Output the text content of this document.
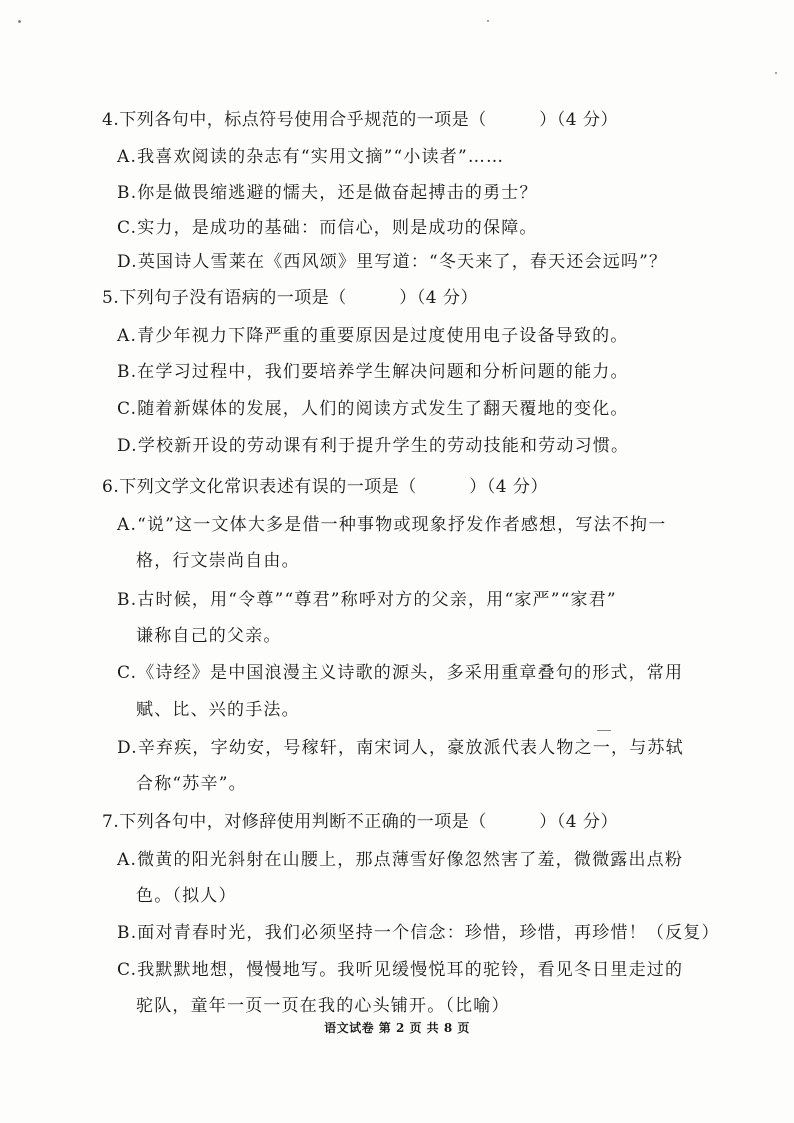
4.下列各句中，标点符号使用合乎规范的一项是（　　　）（4 分）
A.我喜欢阅读的杂志有“实用文摘”“小读者”……
B.你是做畏缩逃避的懦夫，还是做奋起搏击的勇士？
C.实力，是成功的基础：而信心，则是成功的保障。
D.英国诗人雪莱在《西风颂》里写道：“冬天来了，春天还会远吗”？
5.下列句子没有语病的一项是（　　　）（4 分）
A.青少年视力下降严重的重要原因是过度使用电子设备导致的。
B.在学习过程中，我们要培养学生解决问题和分析问题的能力。
C.随着新媒体的发展，人们的阅读方式发生了翻天覆地的变化。
D.学校新开设的劳动课有利于提升学生的劳动技能和劳动习惯。
6.下列文学文化常识表述有误的一项是（　　　）（4 分）
A.“说”这一文体大多是借一种事物或现象抒发作者感想，写法不拘一
格，行文崇尚自由。
B.古时候，用“令尊”“尊君”称呼对方的父亲，用“家严”“家君”
谦称自己的父亲。
C.《诗经》是中国浪漫主义诗歌的源头，多采用重章叠句的形式，常用
赋、比、兴的手法。
D.辛弃疾，字幼安，号稼轩，南宋词人，豪放派代表人物之一，与苏轼
合称“苏辛”。
7.下列各句中，对修辞使用判断不正确的一项是（　　　）（4 分）
A.微黄的阳光斜射在山腰上，那点薄雪好像忽然害了羞，微微露出点粉
色。（拟人）
B.面对青春时光，我们必须坚持一个信念：珍惜，珍惜，再珍惜！（反复）
C.我默默地想，慢慢地写。我听见缓慢悦耳的驼铃，看见冬日里走过的
驼队，童年一页一页在我的心头铺开。（比喻）
语文试卷 第 2 页 共 8 页
